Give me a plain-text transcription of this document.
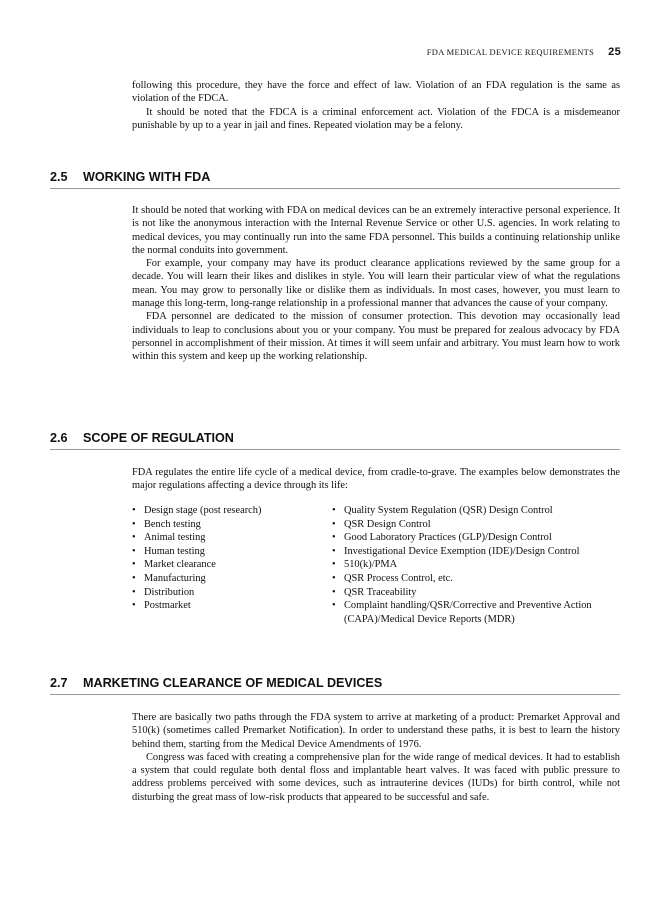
FDA MEDICAL DEVICE REQUIREMENTS 25

following this procedure, they have the force and effect of law. Violation of an FDA regulation is the same as violation of the FDCA.

It should be noted that the FDCA is a criminal enforcement act. Violation of the FDCA is a misdemeanor punishable by up to a year in jail and fines. Repeated violation may be a felony.

2.5 WORKING WITH FDA

It should be noted that working with FDA on medical devices can be an extremely interactive personal experience. It is not like the anonymous interaction with the Internal Revenue Service or other U.S. agencies. In work relating to medical devices, you may continually run into the same FDA personnel. This builds a continuing relationship unlike the normal conduits into government.

For example, your company may have its product clearance applications reviewed by the same group for a decade. You will learn their likes and dislikes in style. You will learn their particular view of what the regulations mean. You may grow to personally like or dislike them as individuals. In most cases, however, you must learn to manage this long-term, long-range relationship in a professional manner that advances the cause of your company.

FDA personnel are dedicated to the mission of consumer protection. This devotion may occasionally lead individuals to leap to conclusions about you or your company. You must be prepared for zealous advocacy by FDA personnel in accomplishment of their mission. At times it will seem unfair and arbitrary. You must learn how to work within this system and keep up the working relationship.

2.6 SCOPE OF REGULATION

FDA regulates the entire life cycle of a medical device, from cradle-to-grave. The examples below demonstrates the major regulations affecting a device through its life:

• Design stage (post research)
• Bench testing
• Animal testing
• Human testing
• Market clearance
• Manufacturing
• Distribution
• Postmarket
• Quality System Regulation (QSR) Design Control
• QSR Design Control
• Good Laboratory Practices (GLP)/Design Control
• Investigational Device Exemption (IDE)/Design Control
• 510(k)/PMA
• QSR Process Control, etc.
• QSR Traceability
• Complaint handling/QSR/Corrective and Preventive Action (CAPA)/Medical Device Reports (MDR)
2.7 MARKETING CLEARANCE OF MEDICAL DEVICES

There are basically two paths through the FDA system to arrive at marketing of a product: Premarket Approval and 510(k) (sometimes called Premarket Notification). In order to understand these paths, it is best to learn the history behind them, starting from the Medical Device Amendments of 1976.

Congress was faced with creating a comprehensive plan for the wide range of medical devices. It had to establish a system that could regulate both dental floss and implantable heart valves. It was faced with public pressure to address problems perceived with some devices, such as intrauterine devices (IUDs) for birth control, while not disturbing the great mass of low-risk products that appeared to be successful and safe.
